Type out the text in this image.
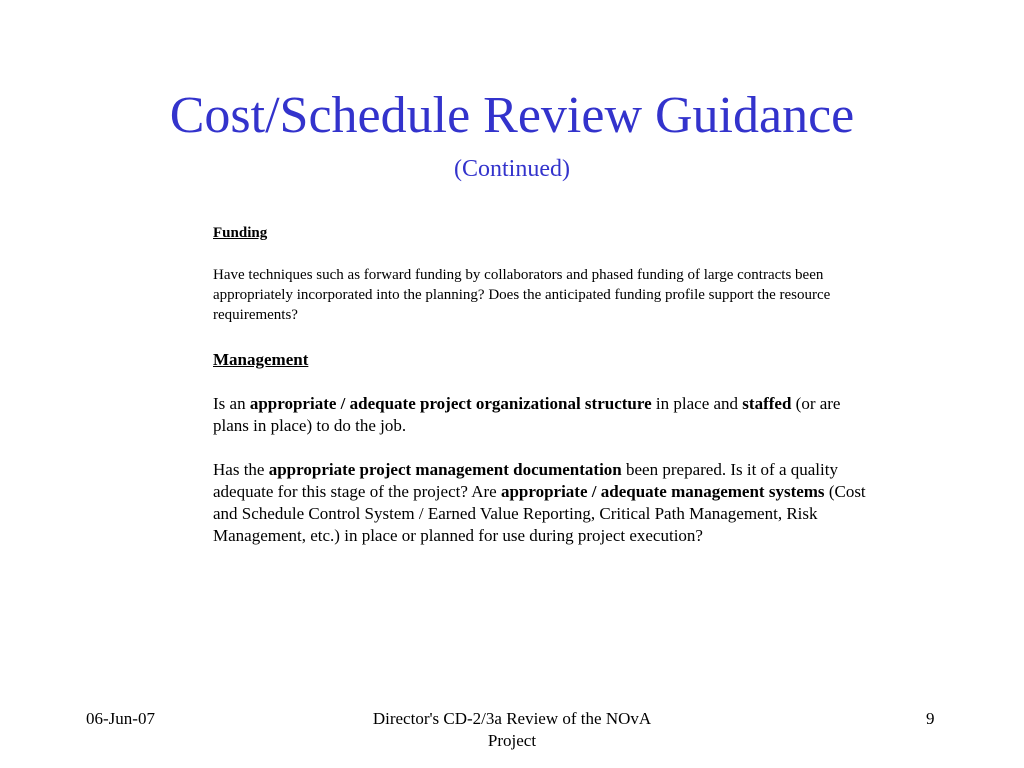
Cost/Schedule Review Guidance
(Continued)

Funding

Have techniques such as forward funding by collaborators and phased funding of large contracts been appropriately incorporated into the planning? Does the anticipated funding profile support the resource requirements?

Management

Is an appropriate / adequate project organizational structure in place and staffed (or are plans in place) to do the job.

Has the appropriate project management documentation been prepared. Is it of a quality adequate for this stage of the project? Are appropriate / adequate management systems (Cost and Schedule Control System / Earned Value Reporting, Critical Path Management, Risk Management, etc.) in place or planned for use during project execution?

06-Jun-07	Director's CD-2/3a Review of the NOvA Project
9
